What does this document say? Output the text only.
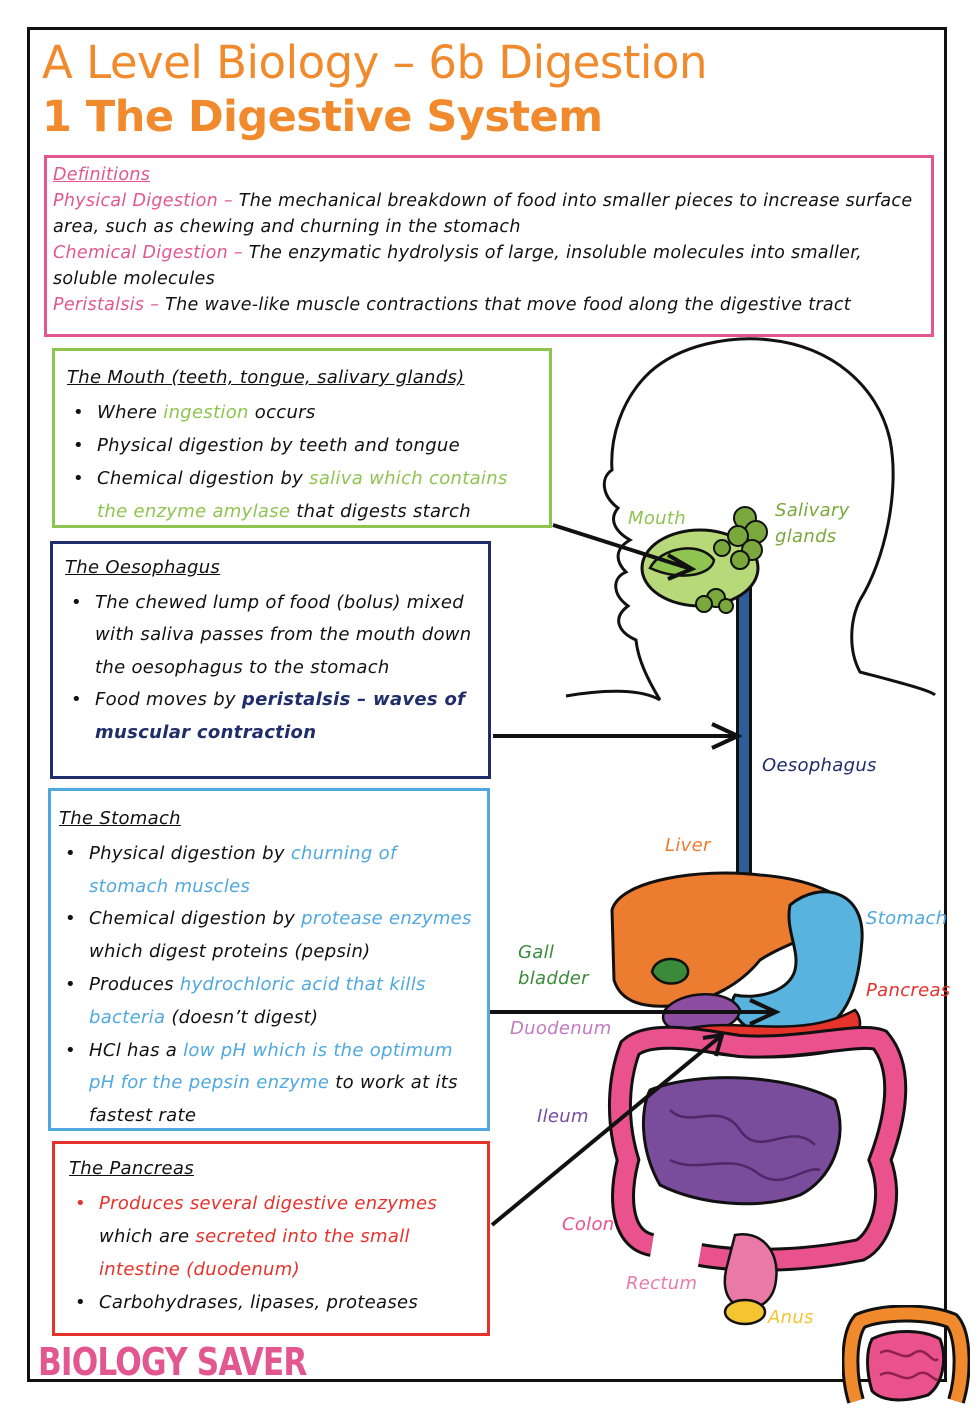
A Level Biology – 6b Digestion
1 The Digestive System
Definitions

Physical Digestion – The mechanical breakdown of food into smaller pieces to increase surface area, such as chewing and churning in the stomach

Chemical Digestion – The enzymatic hydrolysis of large, insoluble molecules into smaller, soluble molecules

Peristalsis – The wave-like muscle contractions that move food along the digestive tract

The Mouth (teeth, tongue, salivary glands)
• Where ingestion occurs
• Physical digestion by teeth and tongue
• Chemical digestion by saliva which contains the enzyme amylase that digests starch
The Oesophagus
• The chewed lump of food (bolus) mixed with saliva passes from the mouth down the oesophagus to the stomach
• Food moves by peristalsis – waves of muscular contraction
The Stomach
• Physical digestion by churning of stomach muscles
• Chemical digestion by protease enzymes which digest proteins (pepsin)
• Produces hydrochloric acid that kills bacteria (doesn’t digest)
• HCl has a low pH which is the optimum pH for the pepsin enzyme to work at its fastest rate
The Pancreas
• Produces several digestive enzymes which are secreted into the small intestine (duodenum)
• Carbohydrases, lipases, proteases
Mouth	Salivary
glands
Oesophagus
Liver
Stomach
Gall
bladder
Pancreas
Duodenum
Ileum
Colon
Rectum
Anus
BIOLOGY SAVER
